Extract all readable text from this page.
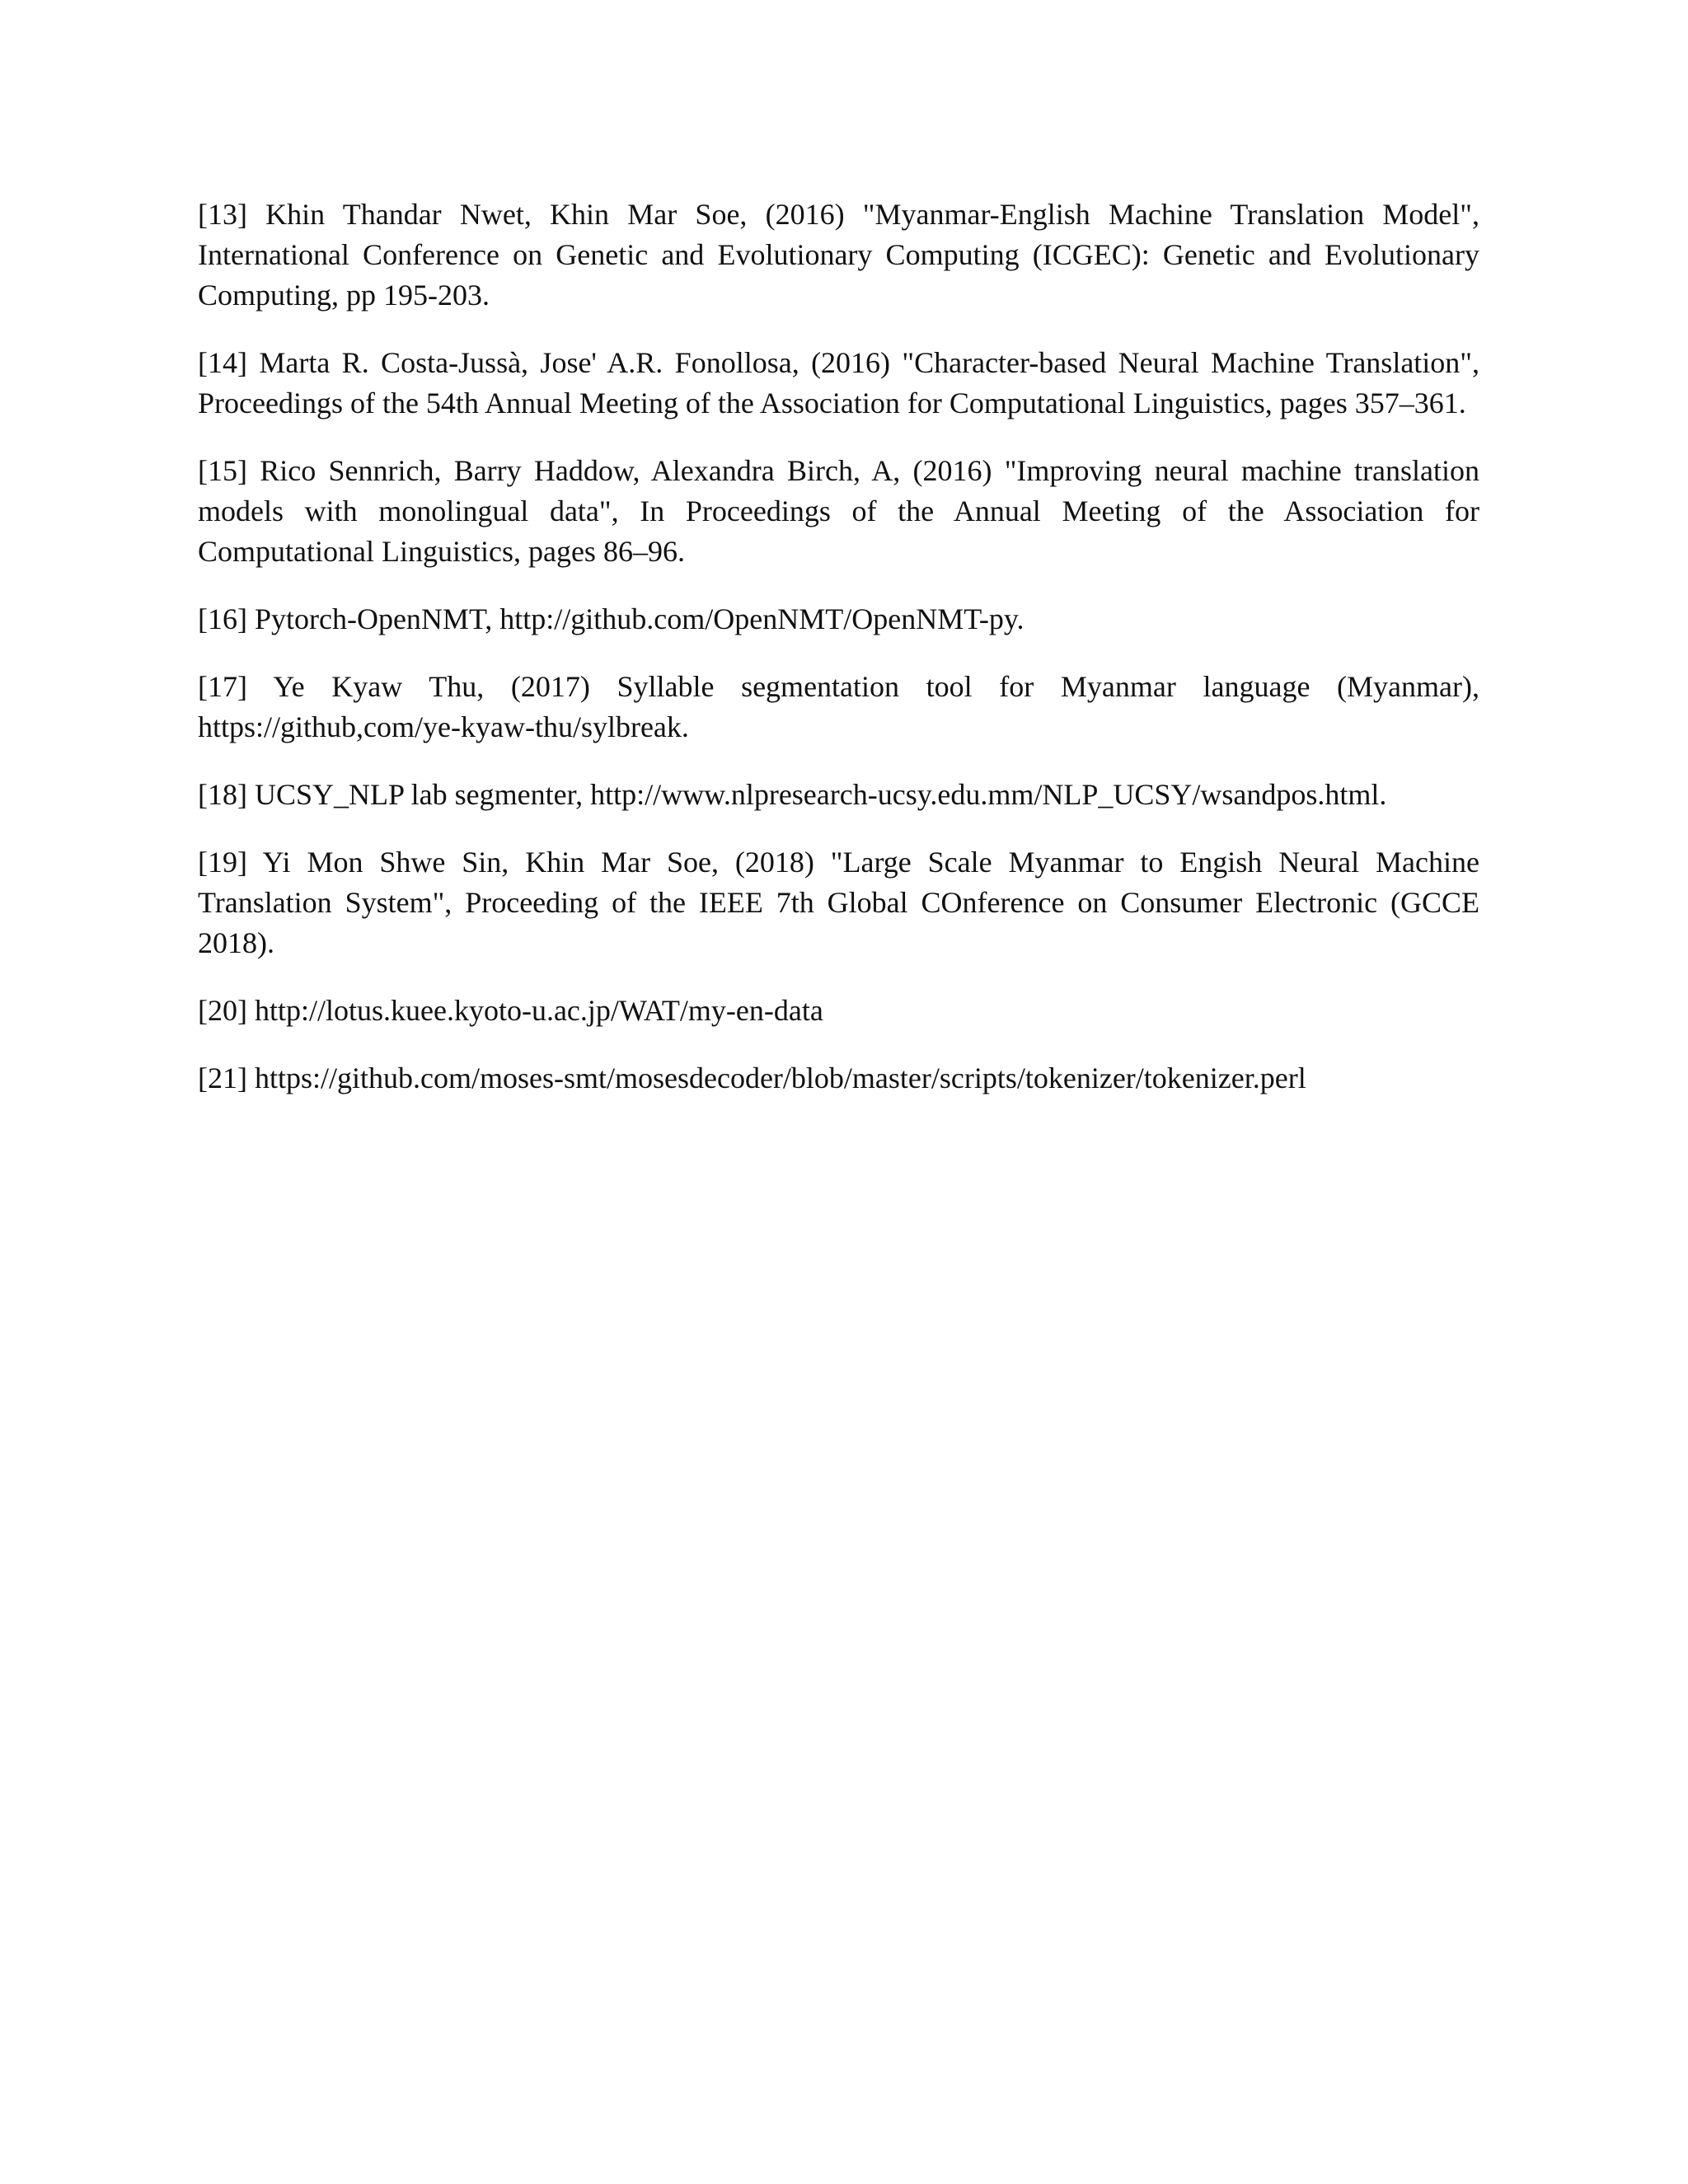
[13] Khin Thandar Nwet, Khin Mar Soe, (2016) "Myanmar-English Machine Translation Model", International Conference on Genetic and Evolutionary Computing (ICGEC): Genetic and Evolutionary Computing, pp 195-203.

[14] Marta R. Costa-Jussà, Jose' A.R. Fonollosa, (2016) "Character-based Neural Machine Translation", Proceedings of the 54th Annual Meeting of the Association for Computational Linguistics, pages 357–361.

[15] Rico Sennrich, Barry Haddow, Alexandra Birch, A, (2016) "Improving neural machine translation models with monolingual data", In Proceedings of the Annual Meeting of the Association for Computational Linguistics, pages 86–96.

[16] Pytorch-OpenNMT, http://github.com/OpenNMT/OpenNMT-py.

[17] Ye Kyaw Thu, (2017) Syllable segmentation tool for Myanmar language (Myanmar), https://github,com/ye-kyaw-thu/sylbreak.

[18] UCSY_NLP lab segmenter, http://www.nlpresearch-ucsy.edu.mm/NLP_UCSY/wsandpos.html.

[19] Yi Mon Shwe Sin, Khin Mar Soe, (2018) "Large Scale Myanmar to Engish Neural Machine Translation System", Proceeding of the IEEE 7th Global COnference on Consumer Electronic (GCCE 2018).

[20] http://lotus.kuee.kyoto-u.ac.jp/WAT/my-en-data

[21] https://github.com/moses-smt/mosesdecoder/blob/master/scripts/tokenizer/tokenizer.perl
